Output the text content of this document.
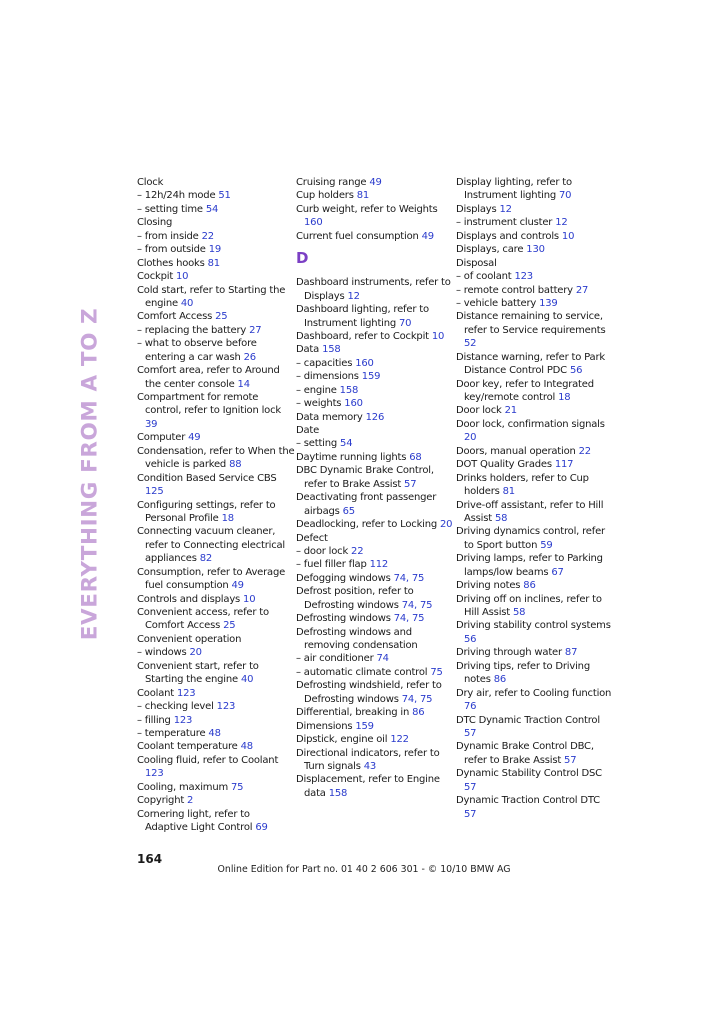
EVERYTHING FROM A TO Z
Clock
– 12h/24h mode 51
– setting time 54
Closing
– from inside 22
– from outside 19
Clothes hooks 81
Cockpit 10
Cold start, refer to Starting the engine 40
Comfort Access 25
– replacing the battery 27
– what to observe before entering a car wash 26
Comfort area, refer to Around the center console 14
Compartment for remote control, refer to Ignition lock 39
Computer 49
Condensation, refer to When the vehicle is parked 88
Condition Based Service CBS 125
Configuring settings, refer to Personal Profile 18
Connecting vacuum cleaner, refer to Connecting electrical appliances 82
Consumption, refer to Average fuel consumption 49
Controls and displays 10
Convenient access, refer to Comfort Access 25
Convenient operation
– windows 20
Convenient start, refer to Starting the engine 40
Coolant 123
– checking level 123
– filling 123
– temperature 48
Coolant temperature 48
Cooling fluid, refer to Coolant 123
Cooling, maximum 75
Copyright 2
Cornering light, refer to Adaptive Light Control 69
Cruising range 49
Cup holders 81
Curb weight, refer to Weights 160
Current fuel consumption 49
D
Dashboard instruments, refer to Displays 12
Dashboard lighting, refer to Instrument lighting 70
Dashboard, refer to Cockpit 10
Data 158
– capacities 160
– dimensions 159
– engine 158
– weights 160
Data memory 126
Date
– setting 54
Daytime running lights 68
DBC Dynamic Brake Control, refer to Brake Assist 57
Deactivating front passenger airbags 65
Deadlocking, refer to Locking 20
Defect
– door lock 22
– fuel filler flap 112
Defogging windows 74, 75
Defrost position, refer to Defrosting windows 74, 75
Defrosting windows 74, 75
Defrosting windows and removing condensation
– air conditioner 74
– automatic climate control 75
Defrosting windshield, refer to Defrosting windows 74, 75
Differential, breaking in 86
Dimensions 159
Dipstick, engine oil 122
Directional indicators, refer to Turn signals 43
Displacement, refer to Engine data 158
Display lighting, refer to Instrument lighting 70
Displays 12
– instrument cluster 12
Displays and controls 10
Displays, care 130
Disposal
– of coolant 123
– remote control battery 27
– vehicle battery 139
Distance remaining to service, refer to Service requirements 52
Distance warning, refer to Park Distance Control PDC 56
Door key, refer to Integrated key/remote control 18
Door lock 21
Door lock, confirmation signals 20
Doors, manual operation 22
DOT Quality Grades 117
Drinks holders, refer to Cup holders 81
Drive-off assistant, refer to Hill Assist 58
Driving dynamics control, refer to Sport button 59
Driving lamps, refer to Parking lamps/low beams 67
Driving notes 86
Driving off on inclines, refer to Hill Assist 58
Driving stability control systems 56
Driving through water 87
Driving tips, refer to Driving notes 86
Dry air, refer to Cooling function 76
DTC Dynamic Traction Control 57
Dynamic Brake Control DBC, refer to Brake Assist 57
Dynamic Stability Control DSC 57
Dynamic Traction Control DTC 57
164
Online Edition for Part no. 01 40 2 606 301 - © 10/10 BMW AG
